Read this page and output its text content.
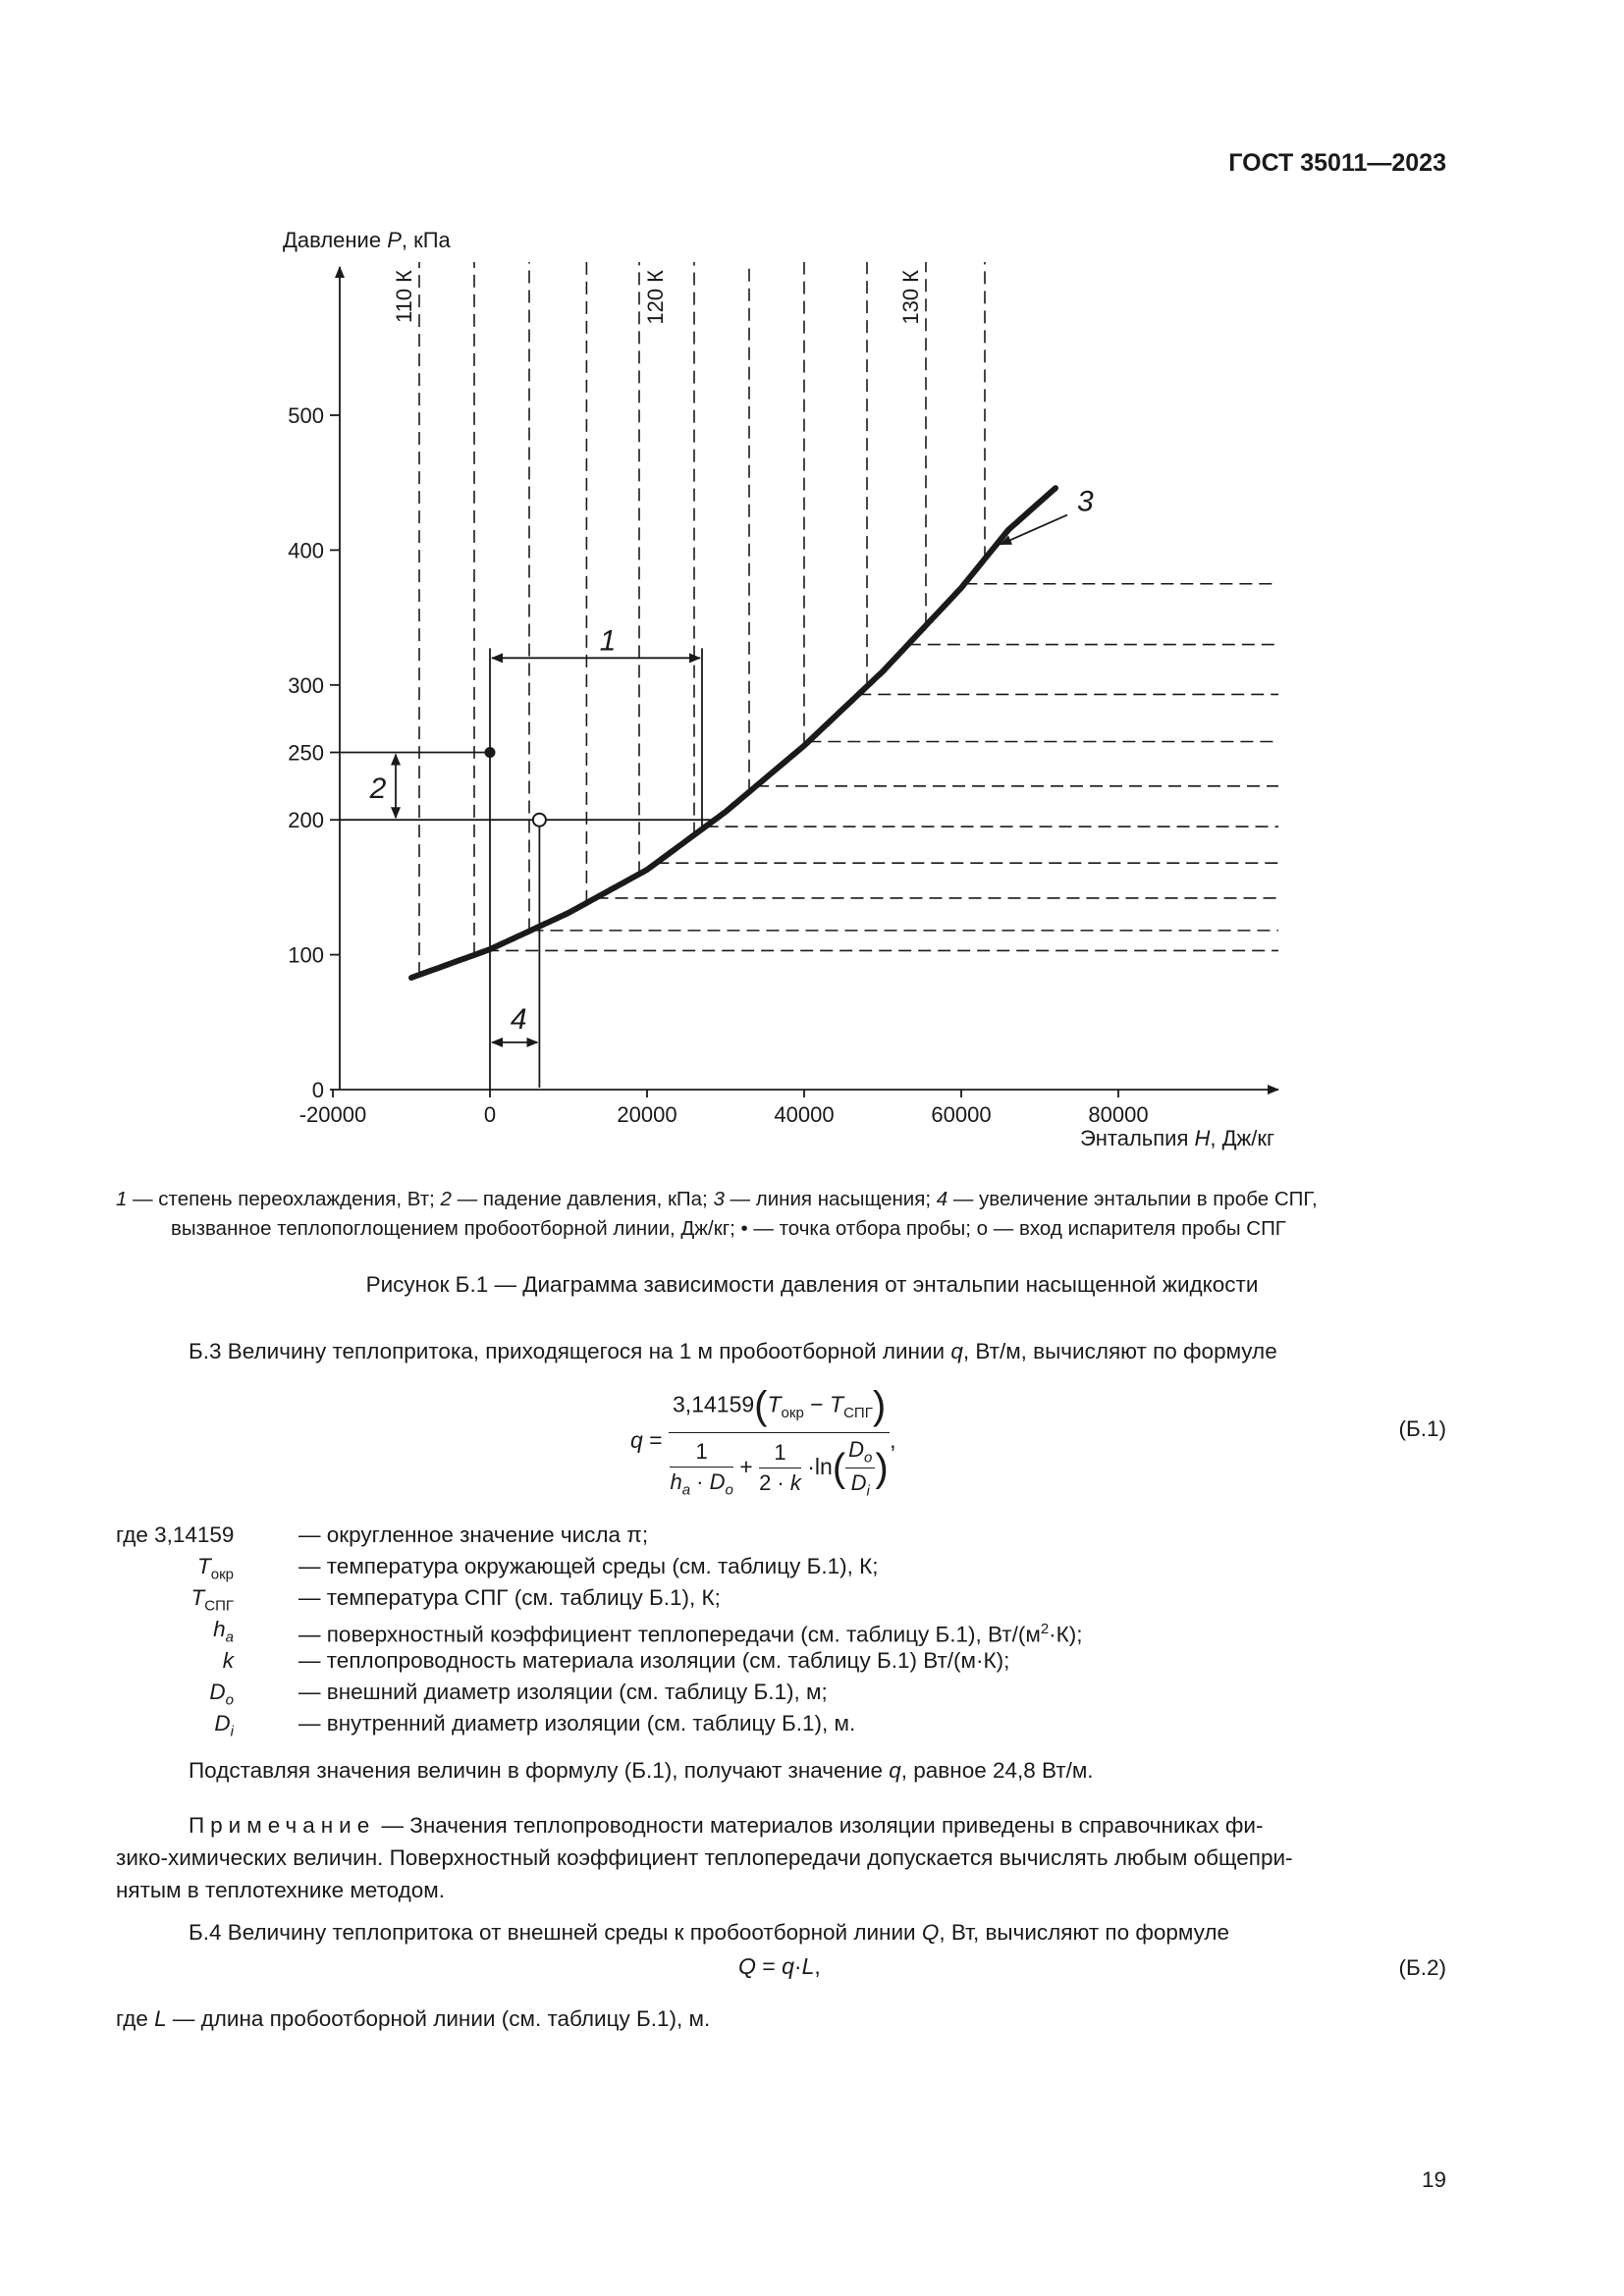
ГОСТ 35011—2023
110 К	120 К	130 К
0
100
200
250
300
400
500
-20000	0	20000	40000	60000	80000
1
2
3
4
Давление P, кПа
Энтальпия H, Дж/кг
1 — степень переохлаждения, Вт; 2 — падение давления, кПа; 3 — линия насыщения; 4 — увеличение энтальпии в пробе СПГ,
вызванное теплопоглощением пробоотборной линии, Дж/кг; • — точка отбора пробы; о — вход испарителя пробы СПГ
Рисунок Б.1 — Диаграмма зависимости давления от энтальпии насыщенной жидкости
Б.3 Величину теплопритока, приходящегося на 1 м пробоотборной линии q, Вт/м, вычисляют по формуле
$q = \frac{3,14159(T_{окр} - T_{СПГ})}{\frac{1}{h_a \cdot D_o} + \frac{1}{2 \cdot k} \cdot\ln( \frac{D_o}{D_i} )}$ ,	(Б.1)
где 3,14159	— округленное значение числа π;
$T_{окр}$	— температура окружающей среды (см. таблицу Б.1), К;
$T_{СПГ}$	— температура СПГ (см. таблицу Б.1), К;
$h_a$	— поверхностный коэффициент теплопередачи (см. таблицу Б.1), $Вт/(м^2\cdot К)$;
k	— теплопроводность материала изоляции (см. таблицу Б.1) Вт/(м·К);
$D_o$	— внешний диаметр изоляции (см. таблицу Б.1), м;
$D_i$	— внутренний диаметр изоляции (см. таблицу Б.1), м.
Подставляя значения величин в формулу (Б.1), получают значение q, равное 24,8 Вт/м.
Примечание — Значения теплопроводности материалов изоляции приведены в справочниках фи-
зико-химических величин. Поверхностный коэффициент теплопередачи допускается вычислять любым общепри-
нятым в теплотехнике методом.
Б.4 Величину теплопритока от внешней среды к пробоотборной линии Q, Вт, вычисляют по формуле
Q = q·L,	(Б.2)
где L — длина пробоотборной линии (см. таблицу Б.1), м.
19
